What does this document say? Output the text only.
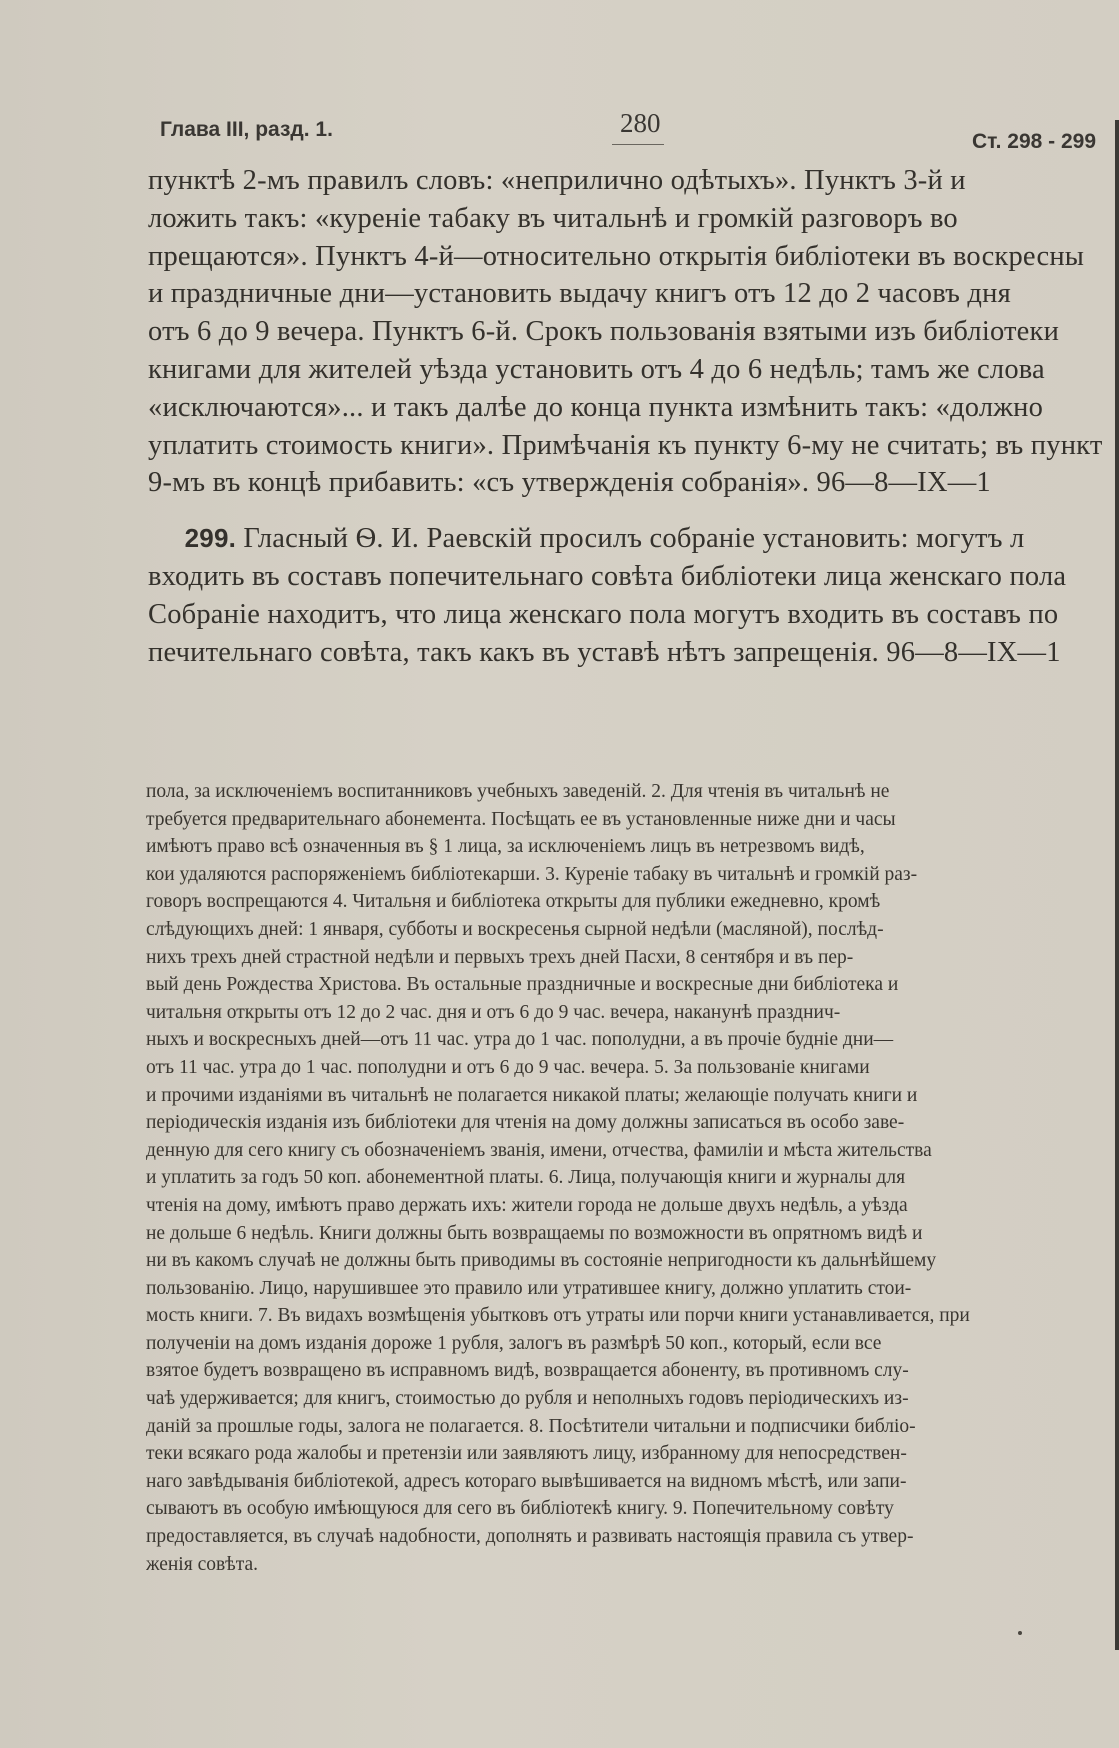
Глава III, разд. 1.	280
Ст. 298 - 299
пунктѣ 2-мъ правилъ словъ: «неприлично одѣтыхъ». Пунктъ 3-й и
ложить такъ: «куреніе табаку въ читальнѣ и громкій разговоръ во
прещаются». Пунктъ 4-й—относительно открытія библіотеки въ воскресны
и праздничные дни—установить выдачу книгъ отъ 12 до 2 часовъ дня
отъ 6 до 9 вечера. Пунктъ 6-й. Срокъ пользованія взятыми изъ библіотеки
книгами для жителей уѣзда установить отъ 4 до 6 недѣль; тамъ же слова
«исключаются»... и такъ далѣе до конца пункта измѣнить такъ: «должно
уплатить стоимость книги». Примѣчанія къ пункту 6-му не считать; въ пункт
9-мъ въ концѣ прибавить: «съ утвержденія собранія». 96—8—IX—1
299. Гласный Ѳ. И. Раевскій просилъ собраніе установить: могутъ л
входить въ составъ попечительнаго совѣта библіотеки лица женскаго пола
Собраніе находитъ, что лица женскаго пола могутъ входить въ составъ по
печительнаго совѣта, такъ какъ въ уставѣ нѣтъ запрещенія. 96—8—IX—1
пола, за исключеніемъ воспитанниковъ учебныхъ заведеній. 2. Для чтенія въ читальнѣ не
требуется предварительнаго абонемента. Посѣщать ее въ установленные ниже дни и часы
имѣютъ право всѣ означенныя въ § 1 лица, за исключеніемъ лицъ въ нетрезвомъ видѣ,
кои удаляются распоряженіемъ библіотекарши. 3. Куреніе табаку въ читальнѣ и громкій раз-
говоръ воспрещаются 4. Читальня и библіотека открыты для публики ежедневно, кромѣ
слѣдующихъ дней: 1 января, субботы и воскресенья сырной недѣли (масляной), послѣд-
нихъ трехъ дней страстной недѣли и первыхъ трехъ дней Пасхи, 8 сентября и въ пер-
вый день Рождества Христова. Въ остальные праздничные и воскресные дни библіотека и
читальня открыты отъ 12 до 2 час. дня и отъ 6 до 9 час. вечера, наканунѣ празднич-
ныхъ и воскресныхъ дней—отъ 11 час. утра до 1 час. пополудни, а въ прочіе будніе дни—
отъ 11 час. утра до 1 час. пополудни и отъ 6 до 9 час. вечера. 5. За пользованіе книгами
и прочими изданіями въ читальнѣ не полагается никакой платы; желающіе получать книги и
періодическія изданія изъ библіотеки для чтенія на дому должны записаться въ особо заве-
денную для сего книгу съ обозначеніемъ званія, имени, отчества, фамиліи и мѣста жительства
и уплатить за годъ 50 коп. абонементной платы. 6. Лица, получающія книги и журналы для
чтенія на дому, имѣютъ право держать ихъ: жители города не дольше двухъ недѣль, а уѣзда
не дольше 6 недѣль. Книги должны быть возвращаемы по возможности въ опрятномъ видѣ и
ни въ какомъ случаѣ не должны быть приводимы въ состояніе непригодности къ дальнѣйшему
пользованію. Лицо, нарушившее это правило или утратившее книгу, должно уплатить стои-
мость книги. 7. Въ видахъ возмѣщенія убытковъ отъ утраты или порчи книги устанавливается, при
полученіи на домъ изданія дороже 1 рубля, залогъ въ размѣрѣ 50 коп., который, если все
взятое будетъ возвращено въ исправномъ видѣ, возвращается абоненту, въ противномъ слу-
чаѣ удерживается; для книгъ, стоимостью до рубля и неполныхъ годовъ періодическихъ из-
даній за прошлые годы, залога не полагается. 8. Посѣтители читальни и подписчики библіо-
теки всякаго рода жалобы и претензіи или заявляютъ лицу, избранному для непосредствен-
наго завѣдыванія библіотекой, адресъ котораго вывѣшивается на видномъ мѣстѣ, или запи-
сываютъ въ особую имѣющуюся для сего въ библіотекѣ книгу. 9. Попечительному совѣту
предоставляется, въ случаѣ надобности, дополнять и развивать настоящія правила съ утвер-
женія совѣта.
